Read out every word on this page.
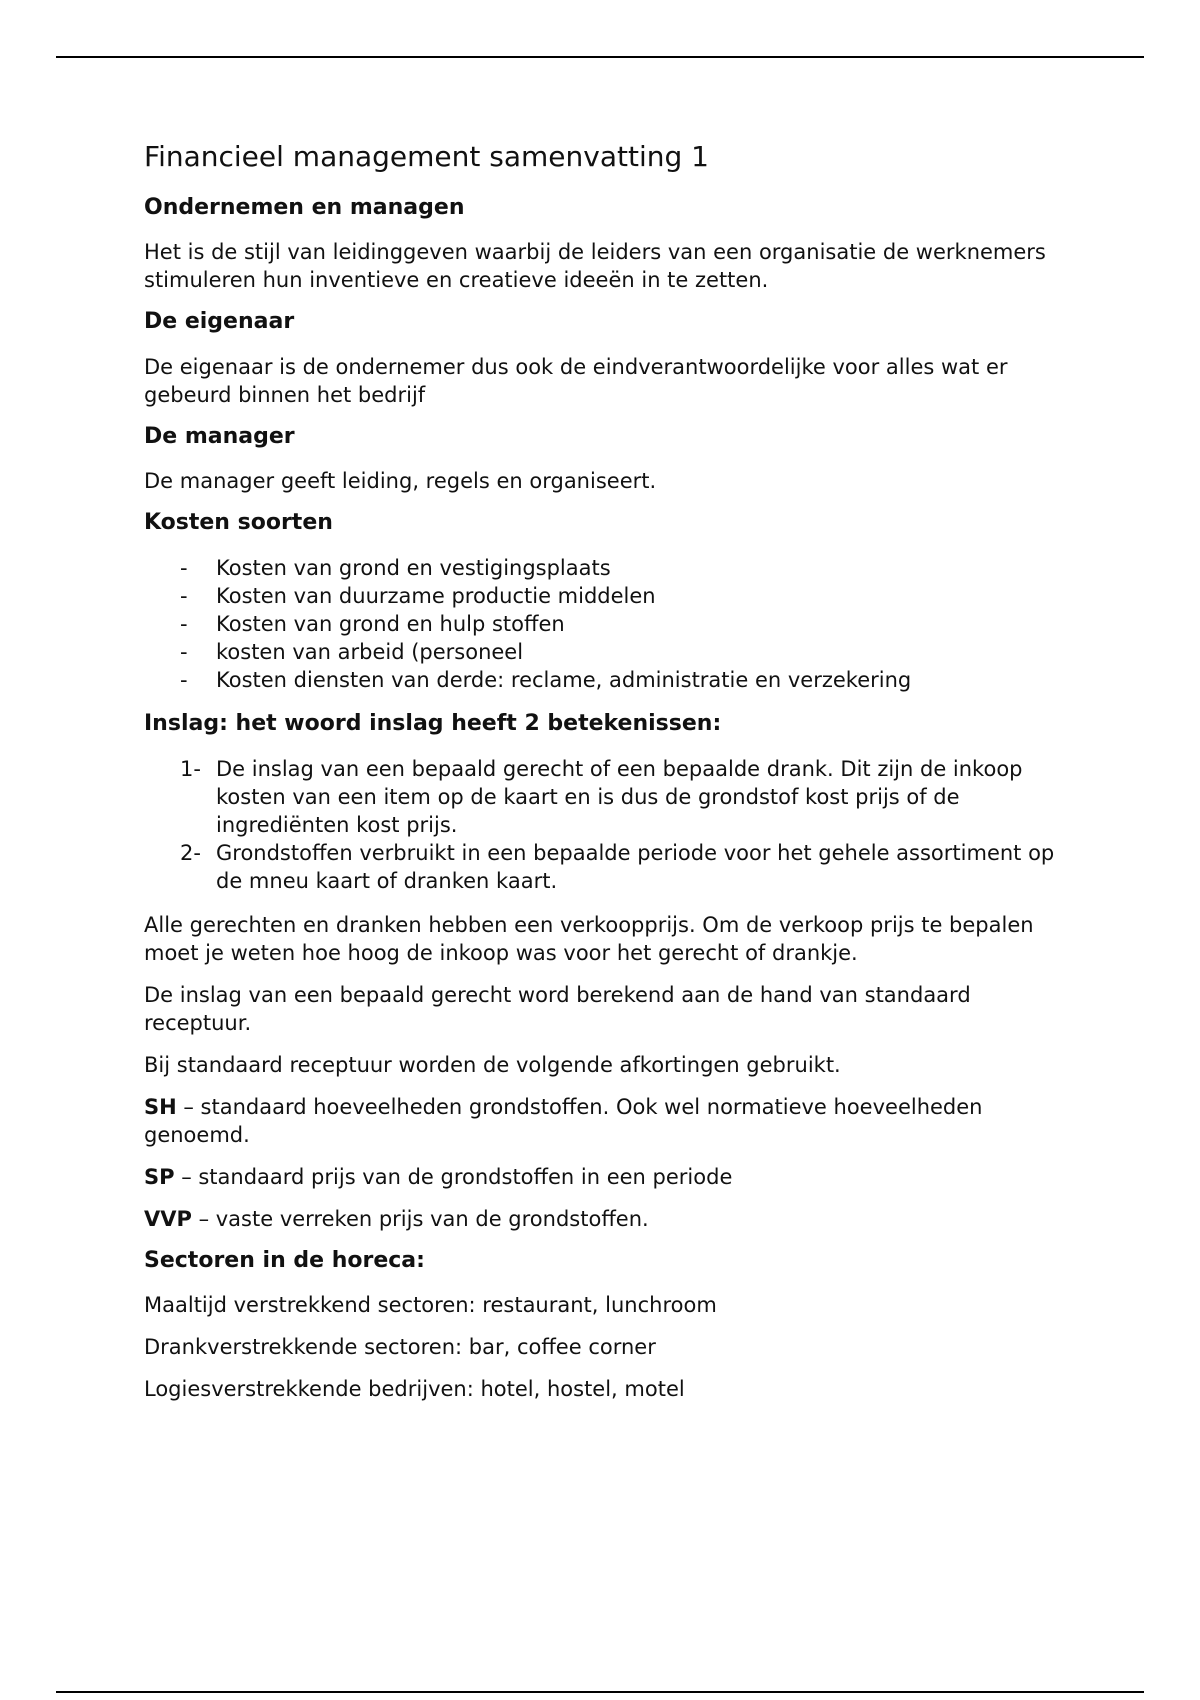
Financieel management samenvatting 1
Ondernemen en managen

Het is de stijl van leidinggeven waarbij de leiders van een organisatie de werknemers stimuleren hun inventieve en creatieve ideeën in te zetten.

De eigenaar

De eigenaar is de ondernemer dus ook de eindverantwoordelijke voor alles wat er gebeurd binnen het bedrijf

De manager

De manager geeft leiding, regels en organiseert.

Kosten soorten
-	Kosten van grond en vestigingsplaats
-	Kosten van duurzame productie middelen
-	Kosten van grond en hulp stoffen
-	kosten van arbeid (personeel
-	Kosten diensten van derde: reclame, administratie en verzekering
Inslag: het woord inslag heeft 2 betekenissen:
1- De inslag van een bepaald gerecht of een bepaalde drank. Dit zijn de inkoop kosten van een item op de kaart en is dus de grondstof kost prijs of de ingrediënten kost prijs.
2- Grondstoffen verbruikt in een bepaalde periode voor het gehele assortiment op de mneu kaart of dranken kaart.

Alle gerechten en dranken hebben een verkoopprijs. Om de verkoop prijs te bepalen moet je weten hoe hoog de inkoop was voor het gerecht of drankje.

De inslag van een bepaald gerecht word berekend aan de hand van standaard receptuur.

Bij standaard receptuur worden de volgende afkortingen gebruikt.

SH – standaard hoeveelheden grondstoffen. Ook wel normatieve hoeveelheden genoemd.

SP – standaard prijs van de grondstoffen in een periode

VVP – vaste verreken prijs van de grondstoffen.

Sectoren in de horeca:

Maaltijd verstrekkend sectoren: restaurant, lunchroom

Drankverstrekkende sectoren: bar, coffee corner

Logiesverstrekkende bedrijven: hotel, hostel, motel
